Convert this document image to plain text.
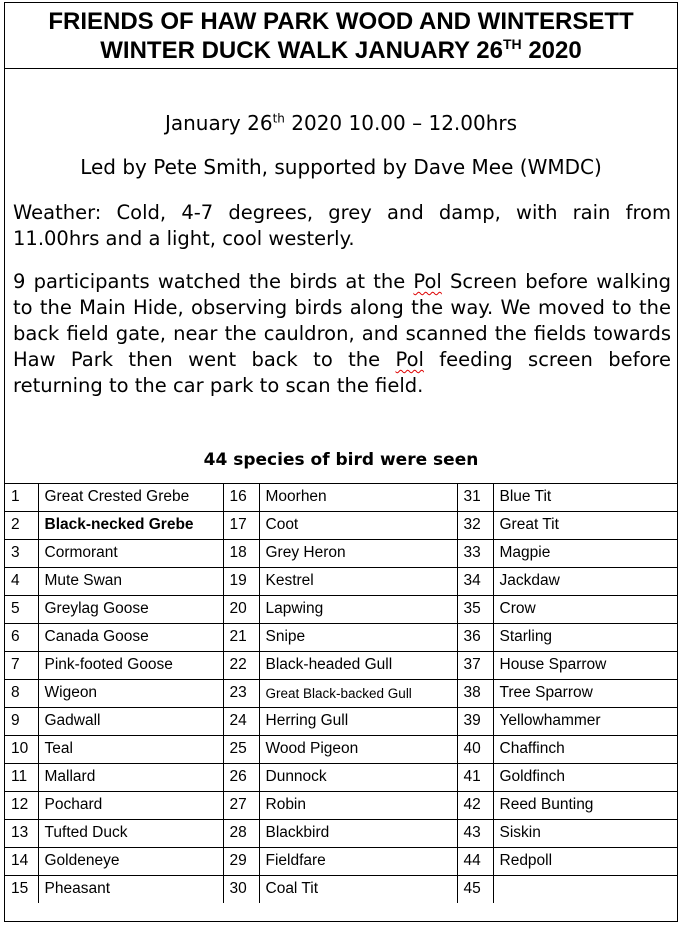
FRIENDS OF HAW PARK WOOD AND WINTERSETT
WINTER DUCK WALK JANUARY 26TH 2020
January 26th 2020 10.00 – 12.00hrs
Led by Pete Smith, supported by Dave Mee (WMDC)
Weather: Cold, 4-7 degrees, grey and damp, with rain from 11.00hrs and a light, cool westerly.
9 participants watched the birds at the Pol Screen before walking to the Main Hide, observing birds along the way. We moved to the back field gate, near the cauldron, and scanned the fields towards Haw Park then went back to the Pol feeding screen before returning to the car park to scan the field.
44 species of bird were seen
1	Great Crested Grebe	16	Moorhen	31	Blue Tit
2	Black-necked Grebe	17	Coot	32	Great Tit
3	Cormorant	18	Grey Heron	33	Magpie
4	Mute Swan	19	Kestrel	34	Jackdaw
5	Greylag Goose	20	Lapwing	35	Crow
6	Canada Goose	21	Snipe	36	Starling
7	Pink-footed Goose	22	Black-headed Gull	37	House Sparrow
8	Wigeon	23	Great Black-backed Gull	38	Tree Sparrow
9	Gadwall	24	Herring Gull	39	Yellowhammer
10	Teal	25	Wood Pigeon	40	Chaffinch
11	Mallard	26	Dunnock	41	Goldfinch
12	Pochard	27	Robin	42	Reed Bunting
13	Tufted Duck	28	Blackbird	43	Siskin
14	Goldeneye	29	Fieldfare	44	Redpoll
15	Pheasant	30	Coal Tit	45	
